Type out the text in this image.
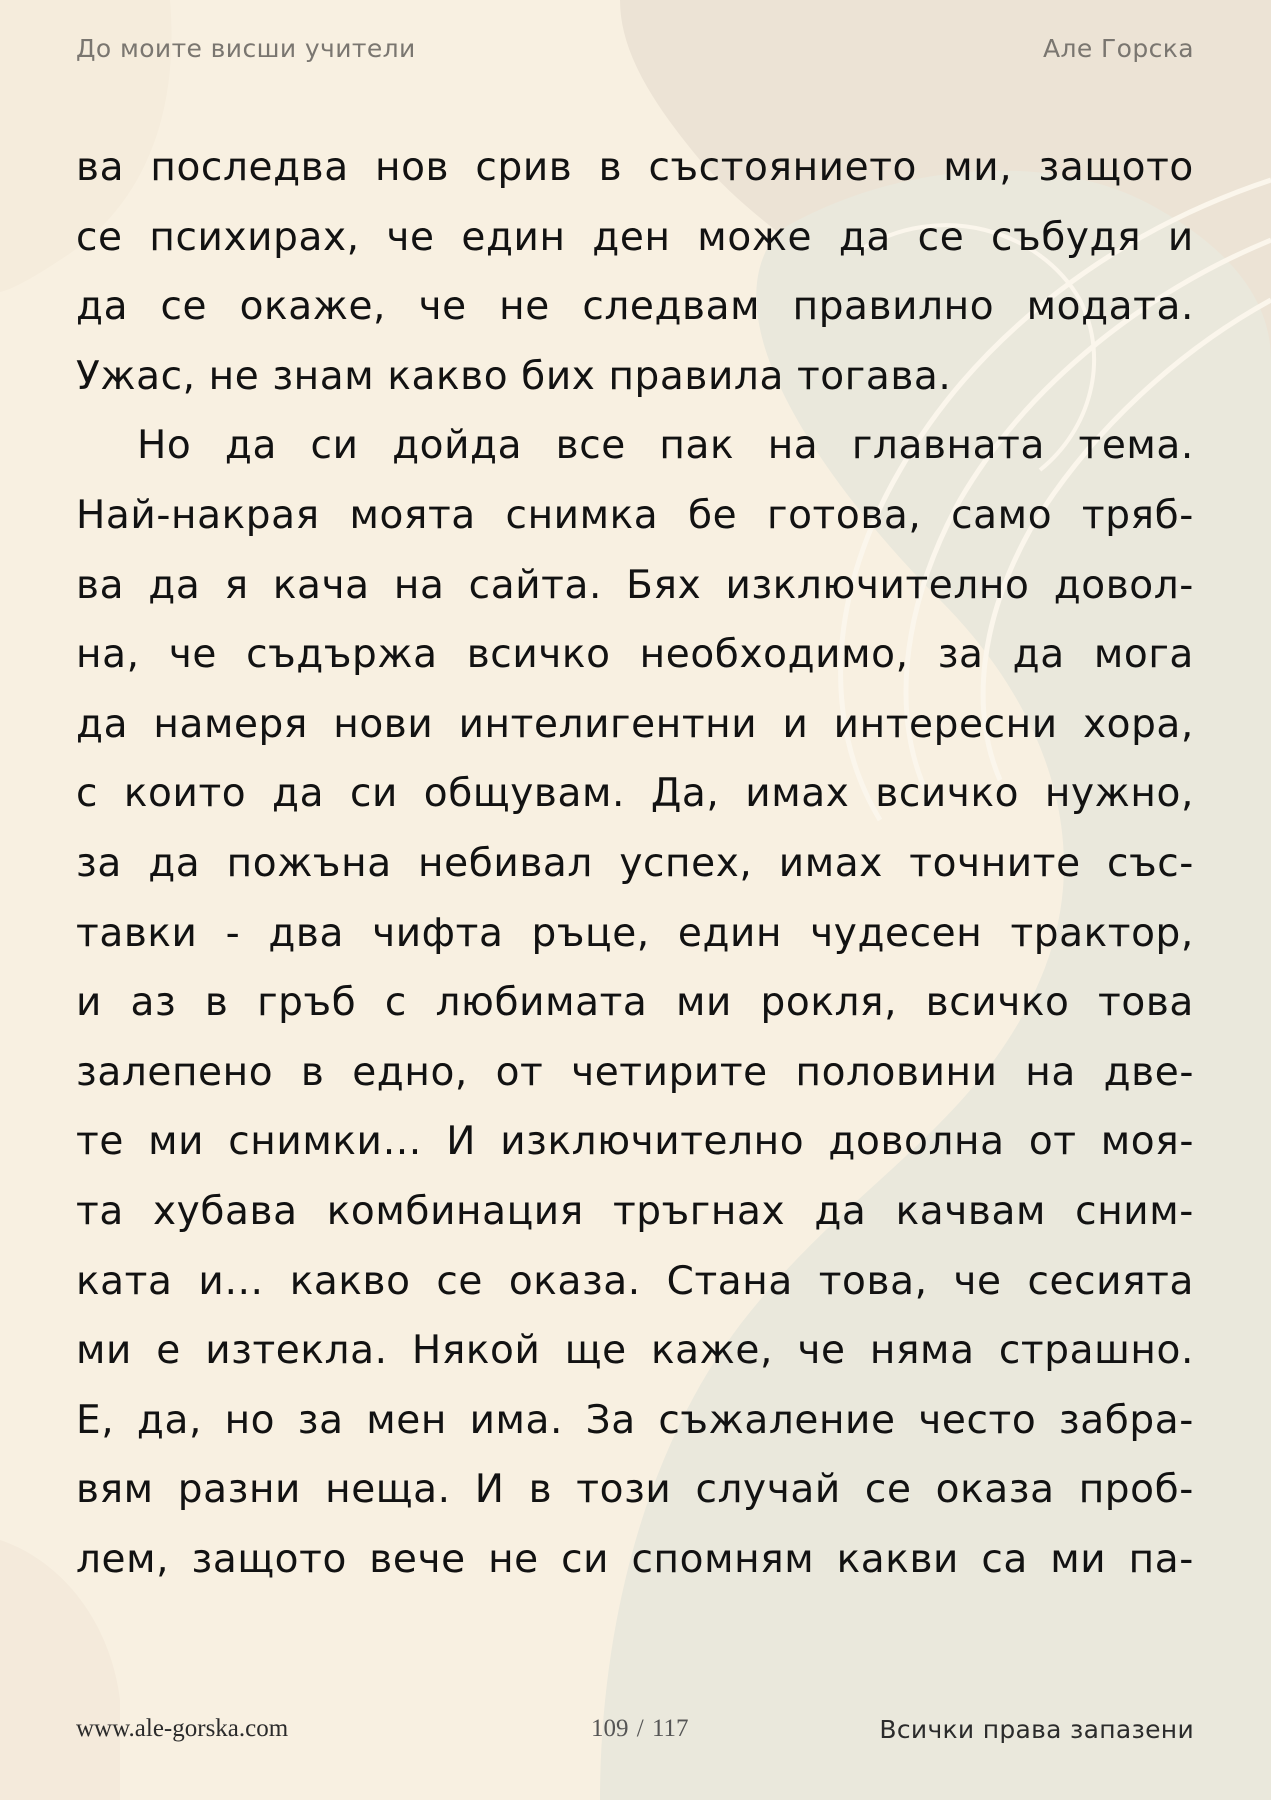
До моите висши учители	Але Горска
ва последва нов срив в състоянието ми, защото
се психирах, че един ден може да се събудя и
да се окаже, че не следвам правилно модата.
Ужас, не знам какво бих правила тогава.
Но да си дойда все пак на главната тема.
Най-накрая моята снимка бе готова, само тряб-
ва да я кача на сайта. Бях изключително довол-
на, че съдържа всичко необходимо, за да мога
да намеря нови интелигентни и интересни хора,
с които да си общувам. Да, имах всичко нужно,
за да пожъна небивал успех, имах точните със-
тавки - два чифта ръце, един чудесен трактор,
и аз в гръб с любимата ми рокля, всичко това
залепено в едно, от четирите половини на две-
те ми снимки… И изключително доволна от моя-
та хубава комбинация тръгнах да качвам сним-
ката и… какво се оказа. Стана това, че сесията
ми е изтекла. Някой ще каже, че няма страшно.
Е, да, но за мен има. За съжаление често забра-
вям разни неща. И в този случай се оказа проб-
лем, защото вече не си спомням какви са ми па-
www.ale-gorska.com	109 / 117	Всички права запазени
